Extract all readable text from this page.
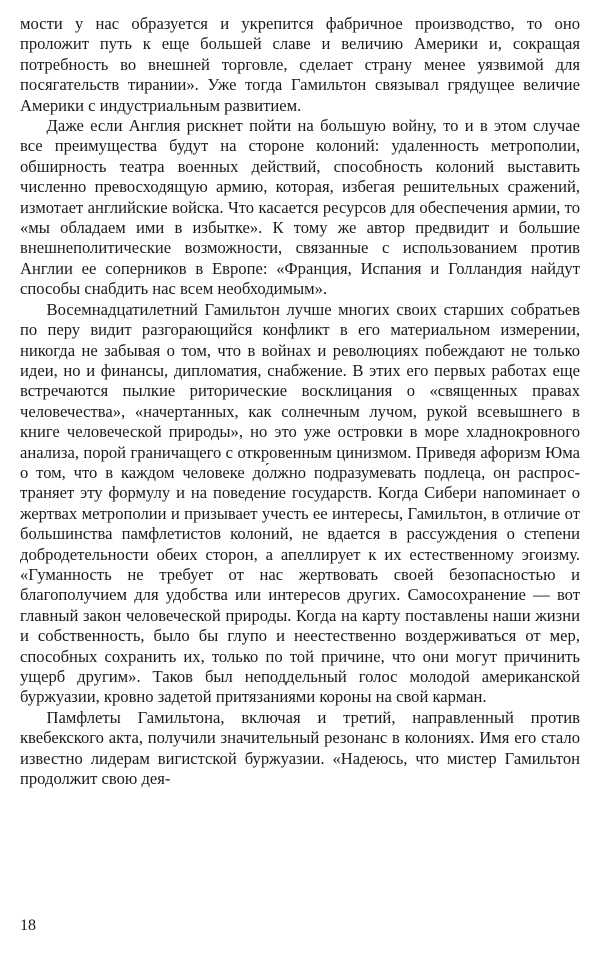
мости у нас образуется и укрепится фабричное производство, то оно проложит путь к еще большей славе и величию Америки и, сокращая потребность во внешней торговле, сделает страну менее уязвимой для посягательств тирании». Уже тогда Гамильтон связывал грядущее величие Америки с индустриальным развитием.

Даже если Англия рискнет пойти на большую войну, то и в этом случае все преимущества будут на стороне колоний: удаленность метрополии, обширность театра военных действий, способность колоний выставить численно превосходящую армию, которая, избегая решительных сражений, измотает английские войска. Что касается ресурсов для обеспечения армии, то «мы обладаем ими в избытке». К тому же автор предвидит и большие внешнеполитические возможности, связанные с использованием против Англии ее соперников в Европе: «Франция, Испания и Голландия найдут способы снабдить нас всем необходимым».

Восемнадцатилетний Гамильтон лучше многих своих старших собратьев по перу видит разгорающийся конфликт в его материальном измерении, никогда не забывая о том, что в войнах и революциях побеждают не только идеи, но и финансы, дипломатия, снабжение. В этих его первых работах еще встречаются пылкие риторические восклицания о «священных правах человечества», «начертанных, как солнечным лучом, рукой всевышнего в книге человеческой природы», но это уже островки в море хладнокровного анализа, порой граничащего с откровенным цинизмом. Приведя афоризм Юма о том, что в каждом человеке до́лжно подразумевать подлеца, он распространяет эту формулу и на поведение государств. Когда Сибери напоминает о жертвах метрополии и призывает учесть ее интересы, Гамильтон, в отличие от большинства памфлетистов колоний, не вдается в рассуждения о степени добродетельности обеих сторон, а апеллирует к их естественному эгоизму. «Гуманность не требует от нас жертвовать своей безопасностью и благополучием для удобства или интересов других. Самосохранение — вот главный закон человеческой природы. Когда на карту поставлены наши жизни и собственность, было бы глупо и неестественно воздерживаться от мер, способных сохранить их, только по той причине, что они могут причинить ущерб другим». Таков был неподдельный голос молодой американской буржуазии, кровно задетой притязаниями короны на свой карман.

Памфлеты Гамильтона, включая и третий, направленный против квебекского акта, получили значительный резонанс в колониях. Имя его стало известно лидерам вигистской буржуазии. «Надеюсь, что мистер Гамильтон продолжит свою дея-

18
